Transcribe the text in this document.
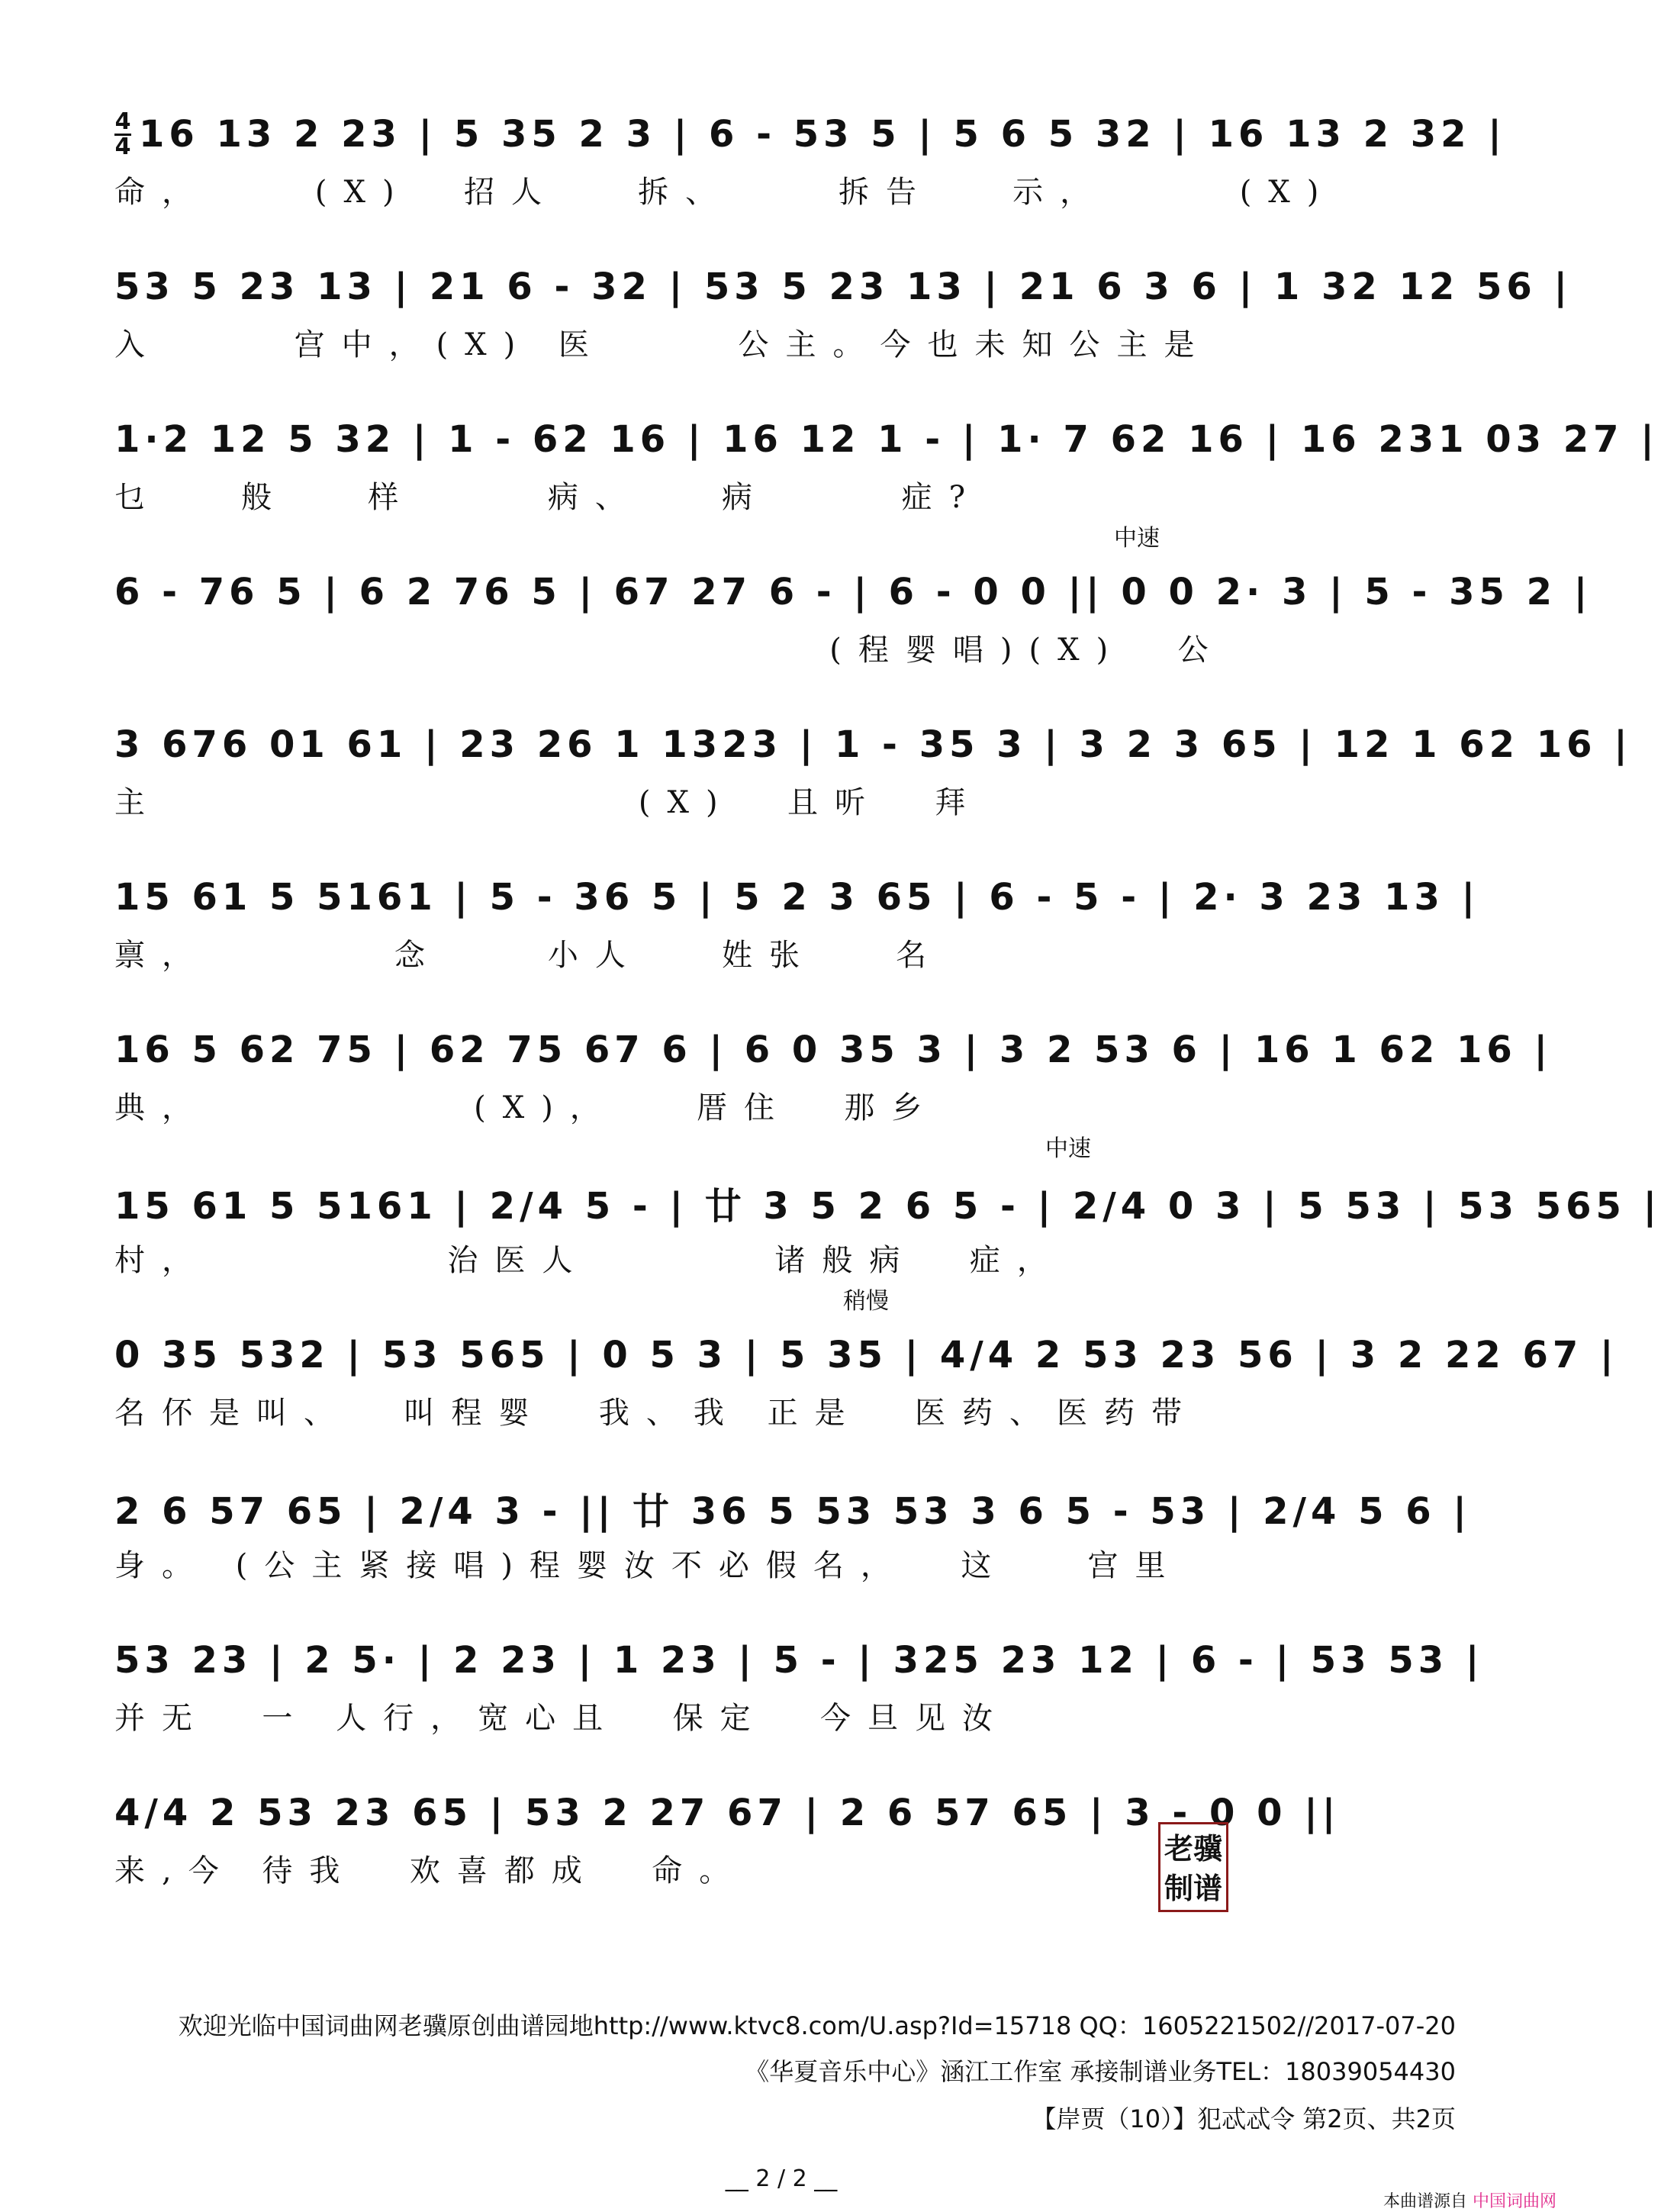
4
4 16 13 2 23 | 5 35 2 3 | 6 - 53 5 | 5 6 5 32 | 16 13 2 32 |
命，    (X)  招人   拆、    拆告   示，     (X)
53 5 23 13 | 21 6 - 32 | 53 5 23 13 | 21 6 3 6 | 1 32 12 56 |
入     宫中，(X) 医     公主。今也未知公主是
1·2 12 5 32 | 1 - 62 16 | 16 12 1 - | 1· 7 62 16 | 16 231 03 27 |
乜   般   样     病、   病     症?
中速
6 - 76 5 | 6 2 76 5 | 67 27 6 - | 6 - 0 0 || 0 0 2· 3 | 5 - 35 2 |
(程婴唱)(X)  公
3 676 01 61 | 23 26 1 1323 | 1 - 35 3 | 3 2 3 65 | 12 1 62 16 |
主                  (X)  且听  拜
15 61 5 5161 | 5 - 36 5 | 5 2 3 65 | 6 - 5 - | 2· 3 23 13 |
禀，       念    小人   姓张   名
16 5 62 75 | 62 75 67 6 | 6 0 35 3 | 3 2 53 6 | 16 1 62 16 |
典，          (X)，   厝住  那乡
中速
15 61 5 5161 | 2/4 5 - | 廿 3 5 2 6 5 - | 2/4 0 3 | 5 53 | 53 565 |
村，         治医人       诸般病  症，
稍慢
0 35 532 | 53 565 | 0 5 3 | 5 35 | 4/4 2 53 23 56 | 3 2 22 67 |
名伓是叫、  叫程婴  我、我 正是  医药、医药带
2 6 57 65 | 2/4 3 - || 廿 36 5 53 53 3 6 5 - 53 | 2/4 5 6 |
身。 (公主紧接唱)程婴汝不必假名，  这   宫里
53 23 | 2 5· | 2 23 | 1 23 | 5 - | 325 23 12 | 6 - | 53 53 |
并无  一 人行，宽心且  保定  今旦见汝
4/4 2 53 23 65 | 53 2 27 67 | 2 6 57 65 | 3 - 0 0 ||
来,今 待我  欢喜都成  命。
老骥制谱
欢迎光临中国词曲网老骥原创曲谱园地http://www.ktvc8.com/U.asp?Id=15718 QQ：1605221502//2017-07-20
《华夏音乐中心》涵江工作室 承接制谱业务TEL：18039054430
【岸贾（10）】犯忒忒令 第2页、共2页
__ 2 / 2 __
本曲谱源自 中国词曲网
